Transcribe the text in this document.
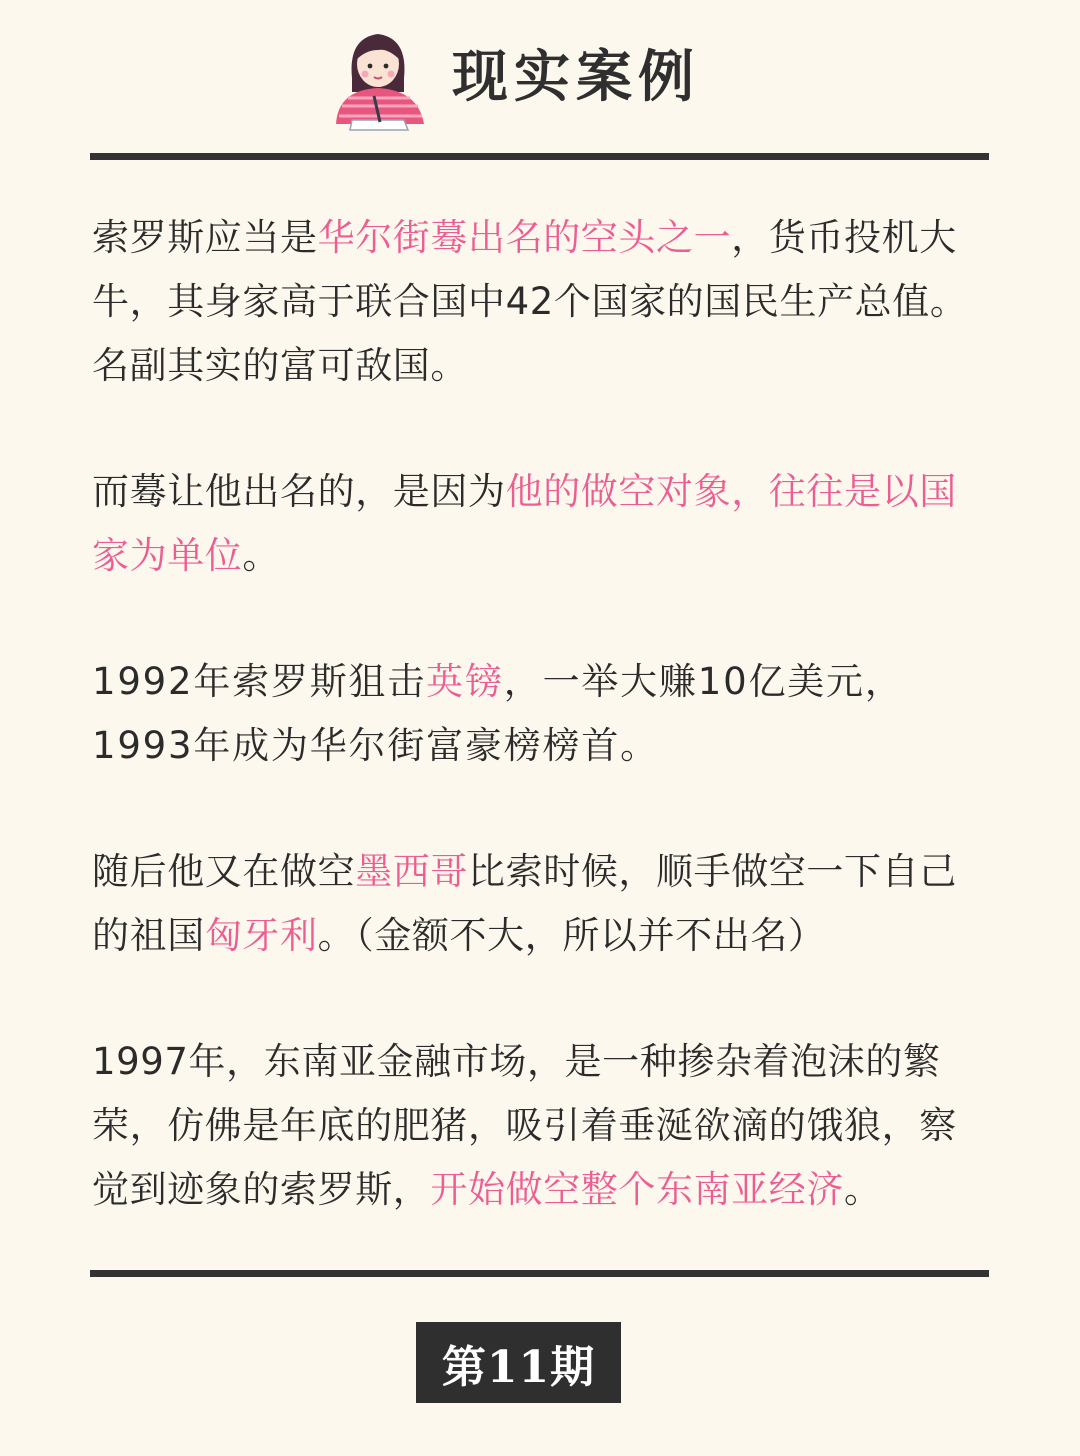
现实案例

索罗斯应当是华尔街蓦出名的空头之一，货币投机大牛，其身家高于联合国中42个国家的国民生产总值。名副其实的富可敌国。

而蓦让他出名的，是因为他的做空对象，往往是以国家为单位。

1992年索罗斯狙击英镑，一举大赚10亿美元，1993年成为华尔街富豪榜榜首。

随后他又在做空墨西哥比索时候，顺手做空一下自己的祖国匈牙利。（金额不大，所以并不出名）

1997年，东南亚金融市场，是一种掺杂着泡沫的繁荣，仿佛是年底的肥猪，吸引着垂涎欲滴的饿狼，察觉到迹象的索罗斯，开始做空整个东南亚经济。

第11期
